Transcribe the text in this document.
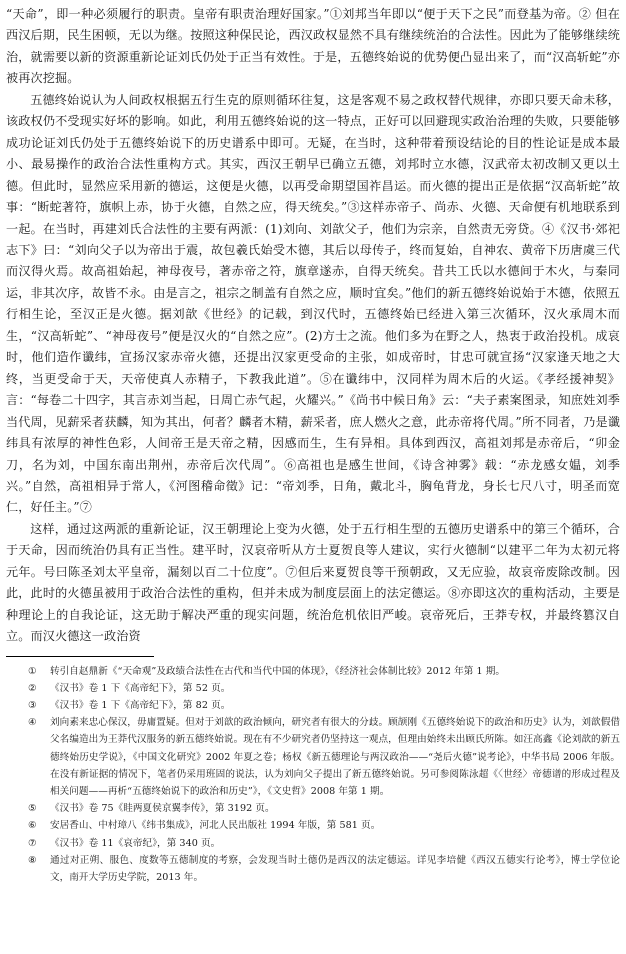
“天命”，即一种必须履行的职责。皇帝有职责治理好国家。”①刘邦当年即以“便于天下之民”而登基为帝。② 但在西汉后期，民生困顿，无以为继。按照这种保民论，西汉政权显然不具有继续统治的合法性。因此为了能够继续统治，就需要以新的资源重新论证刘氏仍处于正当有效性。于是，五德终始说的优势便凸显出来了，而“汉高斩蛇”亦被再次挖掘。

五德终始说认为人间政权根据五行生克的原则循环往复，这是客观不易之政权替代规律，亦即只要天命未移，该政权仍不受现实好坏的影响。如此，利用五德终始说的这一特点，正好可以回避现实政治治理的失败，只要能够成功论证刘氏仍处于五德终始说下的历史谱系中即可。无疑，在当时，这种带着预设结论的目的性论证是成本最小、最易操作的政治合法性重构方式。其实，西汉王朝早已确立五德，刘邦时立水德，汉武帝太初改制又更以土德。但此时，显然应采用新的德运，这便是火德，以再受命期望国祚昌运。而火德的提出正是依据“汉高斩蛇”故事：“断蛇著符，旗帜上赤，协于火德，自然之应，得天统矣。”③这样赤帝子、尚赤、火德、天命便有机地联系到一起。在当时，再建刘氏合法性的主要有两派：(1)刘向、刘歆父子，他们为宗亲，自然责无旁贷。④《汉书·郊祀志下》曰：“刘向父子以为帝出于震，故包羲氏始受木德，其后以母传子，终而复始，自神农、黄帝下历唐虞三代而汉得火焉。故高祖始起，神母夜号，著赤帝之符，旗章遂赤，自得天统矣。昔共工氏以水德间于木火，与秦同运，非其次序，故皆不永。由是言之，祖宗之制盖有自然之应，顺时宜矣。”他们的新五德终始说始于木德，依照五行相生论，至汉正是火德。据刘歆《世经》的记载，到汉代时，五德终始已经进入第三次循环，汉火承周木而生，“汉高斩蛇”、“神母夜号”便是汉火的“自然之应”。(2)方士之流。他们多为在野之人，热衷于政治投机。成哀时，他们造作谶纬，宣扬汉家赤帝火德，还提出汉家更受命的主张，如成帝时，甘忠可就宣扬“汉家逢天地之大终，当更受命于天，天帝使真人赤精子，下教我此道”。⑤在谶纬中，汉同样为周木后的火运。《孝经援神契》言：“每卷二十四字，其言赤刘当起，日周亡赤气起，火耀兴。”《尚书中候日角》云：“夫子素案图录，知庶姓刘季当代周，见薪采者获麟，知为其出，何者？麟者木精，薪采者，庶人燃火之意，此赤帝将代周。”所不同者，乃是谶纬具有浓厚的神性色彩，人间帝王是天帝之精，因感而生，生有异相。具体到西汉，高祖刘邦是赤帝后，“卯金刀，名为刘，中国东南出荆州，赤帝后次代周”。⑥高祖也是感生世间，《诗含神雾》载：“赤龙感女媪，刘季兴。”自然，高祖相异于常人，《河图稽命徵》记：“帝刘季，日角，戴北斗，胸龟背龙，身长七尺八寸，明圣而宽仁，好任主。”⑦

这样，通过这两派的重新论证，汉王朝理论上变为火德，处于五行相生型的五德历史谱系中的第三个循环，合于天命，因而统治仍具有正当性。建平时，汉哀帝听从方士夏贺良等人建议，实行火德制“以建平二年为太初元将元年。号曰陈圣刘太平皇帝，漏刻以百二十位度”。⑦但后来夏贺良等干预朝政，又无应验，故哀帝废除改制。因此，此时的火德虽被用于政治合法性的重构，但并未成为制度层面上的法定德运。⑧亦即这次的重构活动，主要是种理论上的自我论证，这无助于解决严重的现实问题，统治危机依旧严峻。哀帝死后，王莽专权，并最终篡汉自立。而汉火德这一政治资

①	转引自赵鼎新《“天命观”及政绩合法性在古代和当代中国的体现》，《经济社会体制比较》2012 年第 1 期。
②	《汉书》卷 1 下《高帝纪下》，第 52 页。
③	《汉书》卷 1 下《高帝纪下》，第 82 页。
④	刘向素来忠心保汉，毋庸置疑。但对于刘歆的政治倾向，研究者有很大的分歧。顾颉刚《五德终始说下的政治和历史》认为，刘歆假借父名编造出为王莽代汉服务的新五德终始说。现在有不少研究者仍坚持这一观点，但理由始终未出顾氏所陈。如汪高鑫《论刘歆的新五德终始历史学说》，《中国文化研究》2002 年夏之卷；杨权《新五德理论与两汉政治——“尧后火德”说考论》，中华书局 2006 年版。在没有新证据的情况下，笔者仍采用班固的说法，认为刘向父子提出了新五德终始说。另可参阅陈泳超《〈世经〉帝德谱的形成过程及相关问题——再析“五德终始说下的政治和历史”》，《文史哲》2008 年第 1 期。
⑤	《汉书》卷 75《眭两夏侯京翼李传》，第 3192 页。
⑥	安居香山、中村璋八《纬书集成》，河北人民出版社 1994 年版，第 581 页。
⑦	《汉书》卷 11《哀帝纪》，第 340 页。
⑧	通过对正朔、服色、度数等五德制度的考察，会发现当时土德仍是西汉的法定德运。详见李培健《西汉五德实行论考》，博士学位论文，南开大学历史学院，2013 年。
